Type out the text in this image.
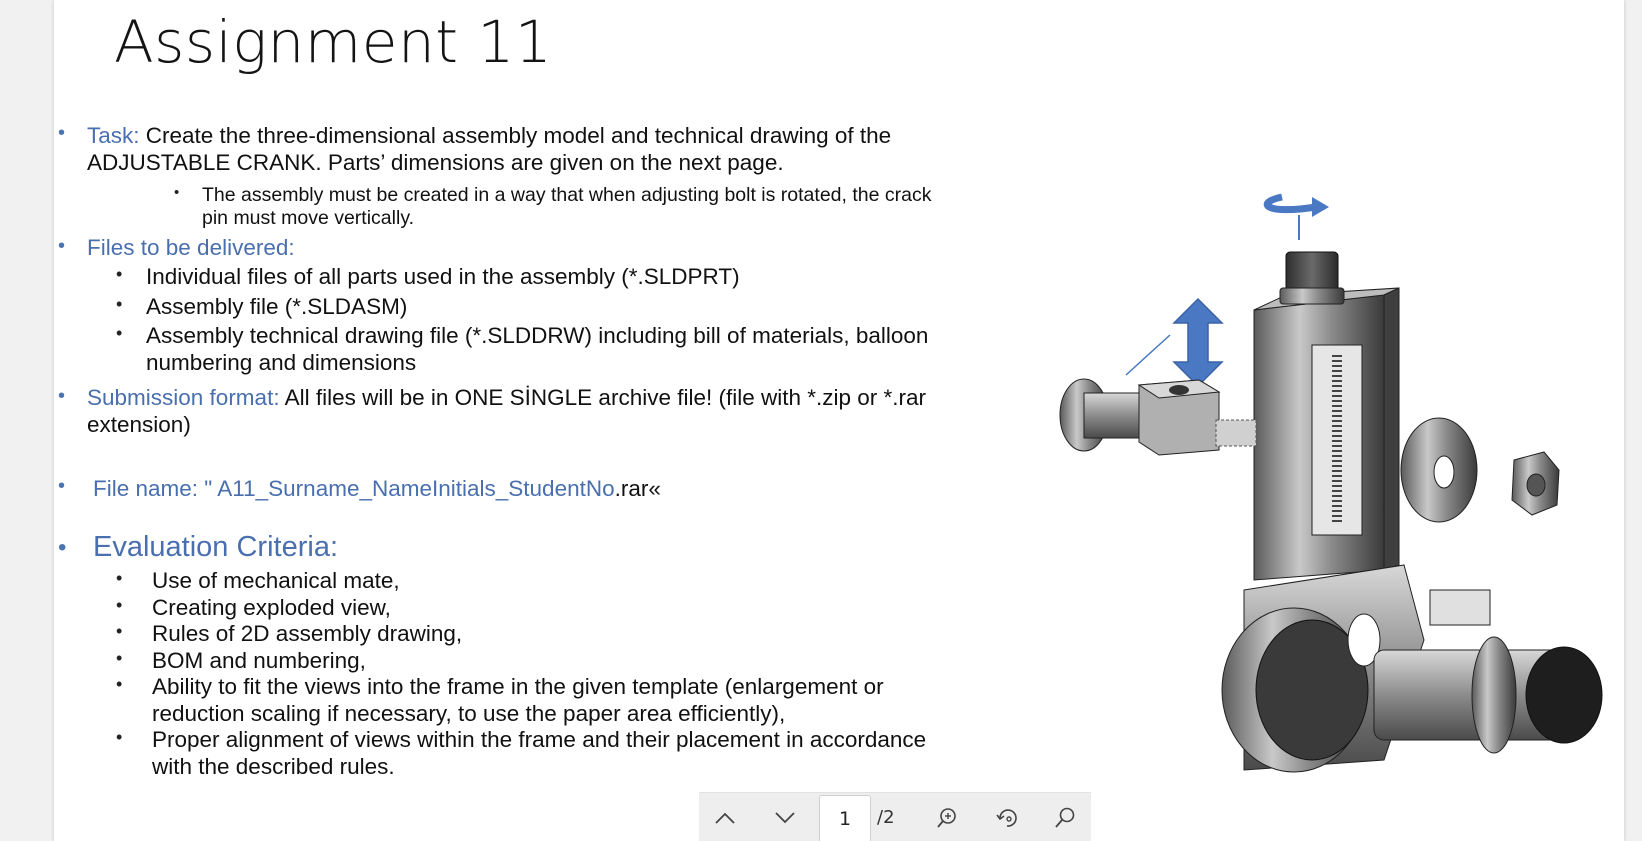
Assignment 11
• Task: Create the three-dimensional assembly model and technical drawing of the
ADJUSTABLE CRANK. Parts’ dimensions are given on the next page.
• The assembly must be created in a way that when adjusting bolt is rotated, the crack
pin must move vertically.
• Files to be delivered:
• Individual files of all parts used in the assembly (*.SLDPRT)
• Assembly file (*.SLDASM)
• Assembly technical drawing file (*.SLDDRW) including bill of materials, balloon
numbering and dimensions
• Submission format: All files will be in ONE SİNGLE archive file! (file with *.zip or *.rar
extension)
• File name: " A11_Surname_NameInitials_StudentNo.rar«
• Evaluation Criteria:
• Use of mechanical mate,
• Creating exploded view,
• Rules of 2D assembly drawing,
• BOM and numbering,
• Ability to fit the views into the frame in the given template (enlargement or
reduction scaling if necessary, to use the paper area efficiently),
• Proper alignment of views within the frame and their placement in accordance
with the described rules.
1	/2
